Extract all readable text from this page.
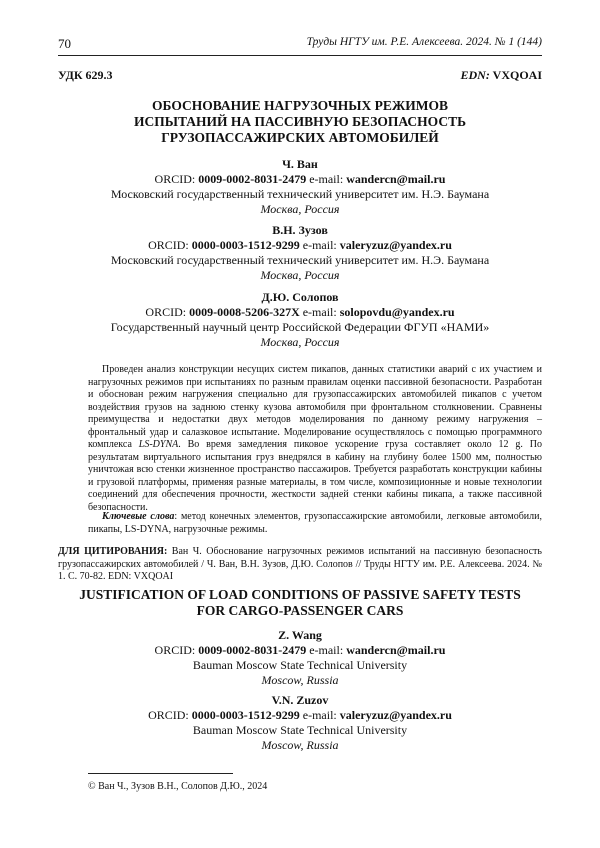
70	Труды НГТУ им. Р.Е. Алексеева. 2024. № 1 (144)
УДК 629.3	EDN: VXQOAI
ОБОСНОВАНИЕ НАГРУЗОЧНЫХ РЕЖИМОВ
ИСПЫТАНИЙ НА ПАССИВНУЮ БЕЗОПАСНОСТЬ
ГРУЗОПАССАЖИРСКИХ АВТОМОБИЛЕЙ
Ч. Ван
ORCID: 0009-0002-8031-2479 e-mail: wandercn@mail.ru
Московский государственный технический университет им. Н.Э. Баумана
Москва, Россия
В.Н. Зузов
ORCID: 0000-0003-1512-9299 e-mail: valeryzuz@yandex.ru
Московский государственный технический университет им. Н.Э. Баумана
Москва, Россия
Д.Ю. Солопов
ORCID: 0009-0008-5206-327X e-mail: solopovdu@yandex.ru
Государственный научный центр Российской Федерации ФГУП «НАМИ»
Москва, Россия
Проведен анализ конструкции несущих систем пикапов, данных статистики аварий с их участием и нагрузочных режимов при испытаниях по разным правилам оценки пассивной безопасности. Разработан и обоснован режим нагружения специально для грузопассажирских автомобилей пикапов с учетом воздействия грузов на заднюю стенку кузова автомобиля при фронтальном столкновении. Сравнены преимущества и недостатки двух методов моделирования по данному режиму нагружения – фронтальный удар и салазковое испытание. Моделирование осуществлялось с помощью программного комплекса LS-DYNA. Во время замедления пиковое ускорение груза составляет около 12 g. По результатам виртуального испытания груз внедрялся в кабину на глубину более 1500 мм, полностью уничтожая всю стенки жизненное пространство пассажиров. Требуется разработать конструкции кабины и грузовой платформы, применяя разные материалы, в том числе, композиционные и новые технологии соединений для обеспечения прочности, жесткости задней стенки кабины пикапа, а также пассивной безопасности.
Ключевые слова: метод конечных элементов, грузопассажирские автомобили, легковые автомобили, пикапы, LS-DYNA, нагрузочные режимы.
ДЛЯ ЦИТИРОВАНИЯ: Ван Ч. Обоснование нагрузочных режимов испытаний на пассивную безопасность грузопассажирских автомобилей / Ч. Ван, В.Н. Зузов, Д.Ю. Солопов // Труды НГТУ им. Р.Е. Алексеева. 2024. № 1. С. 70-82. EDN: VXQOAI
JUSTIFICATION OF LOAD CONDITIONS OF PASSIVE SAFETY TESTS
FOR CARGO-PASSENGER CARS
Z. Wang
ORCID: 0009-0002-8031-2479 e-mail: wandercn@mail.ru
Bauman Moscow State Technical University
Moscow, Russia
V.N. Zuzov
ORCID: 0000-0003-1512-9299 e-mail: valeryzuz@yandex.ru
Bauman Moscow State Technical University
Moscow, Russia
© Ван Ч., Зузов В.Н., Солопов Д.Ю., 2024
